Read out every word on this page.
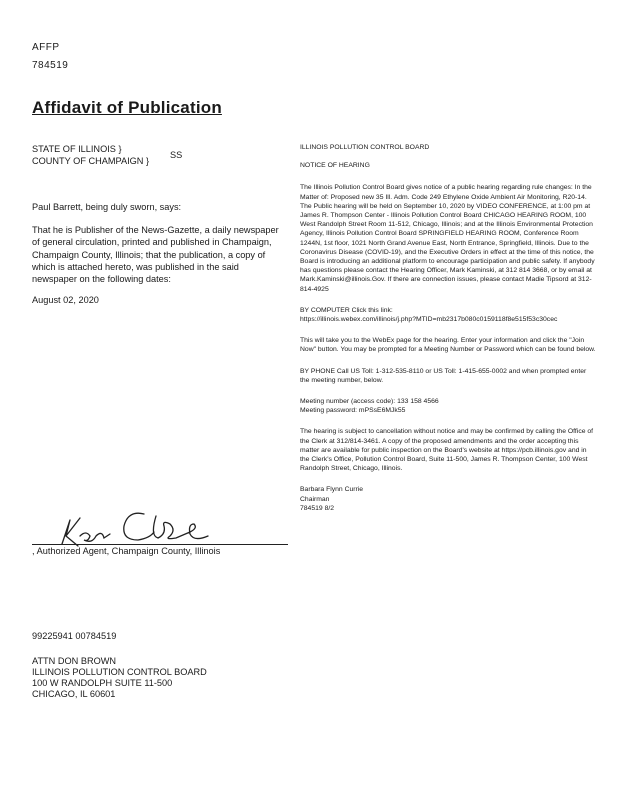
AFFP
784519
Affidavit of Publication
STATE OF ILLINOIS }
COUNTY OF CHAMPAIGN }
SS
Paul Barrett, being duly sworn, says:
That he is Publisher of the News-Gazette, a daily newspaper of general circulation, printed and published in Champaign, Champaign County, Illinois; that the publication, a copy of which is attached hereto, was published in the said newspaper on the following dates:
August 02, 2020
, Authorized Agent, Champaign County, Illinois
99225941 00784519
ATTN DON BROWN
ILLINOIS POLLUTION CONTROL BOARD
100 W RANDOLPH SUITE 11-500
CHICAGO, IL 60601

ILLINOIS POLLUTION CONTROL BOARD

NOTICE OF HEARING

The Illinois Pollution Control Board gives notice of a public hearing regarding rule changes: In the Matter of: Proposed new 35 Ill. Adm. Code 249 Ethylene Oxide Ambient Air Monitoring, R20-14. The Public hearing will be held on September 10, 2020 by VIDEO CONFERENCE, at 1:00 pm at James R. Thompson Center - Illinois Pollution Control Board CHICAGO HEARING ROOM, 100 West Randolph Street Room 11-512, Chicago, Illinois; and at the Illinois Environmental Protection Agency, Illinois Pollution Control Board SPRINGFIELD HEARING ROOM, Conference Room 1244N, 1st floor, 1021 North Grand Avenue East, North Entrance, Springfield, Illinois. Due to the Coronavirus Disease (COVID-19), and the Executive Orders in effect at the time of this notice, the Board is introducing an additional platform to encourage participation and public safety. If anybody has questions please contact the Hearing Officer, Mark Kaminski, at 312 814 3668, or by email at Mark.Kaminski@illinois.Gov. If there are connection issues, please contact Madie Tipsord at 312-814-4925

BY COMPUTER Click this link:

https://illinois.webex.com/illinois/j.php?MTID=mb2317b080c0159118f8e515f53c30cec

This will take you to the WebEx page for the hearing. Enter your information and click the "Join Now" button. You may be prompted for a Meeting Number or Password which can be found below.

BY PHONE Call US Toll: 1-312-535-8110 or US Toll: 1-415-655-0002 and when prompted enter the meeting number, below.

Meeting number (access code): 133 158 4566

Meeting password: mPSsE6MJk55

The hearing is subject to cancellation without notice and may be confirmed by calling the Office of the Clerk at 312/814-3461. A copy of the proposed amendments and the order accepting this matter are available for public inspection on the Board's website at https://pcb.illinois.gov and in the Clerk's Office, Pollution Control Board, Suite 11-500, James R. Thompson Center, 100 West Randolph Street, Chicago, Illinois.

Barbara Flynn Currie
Chairman
784519 8/2
